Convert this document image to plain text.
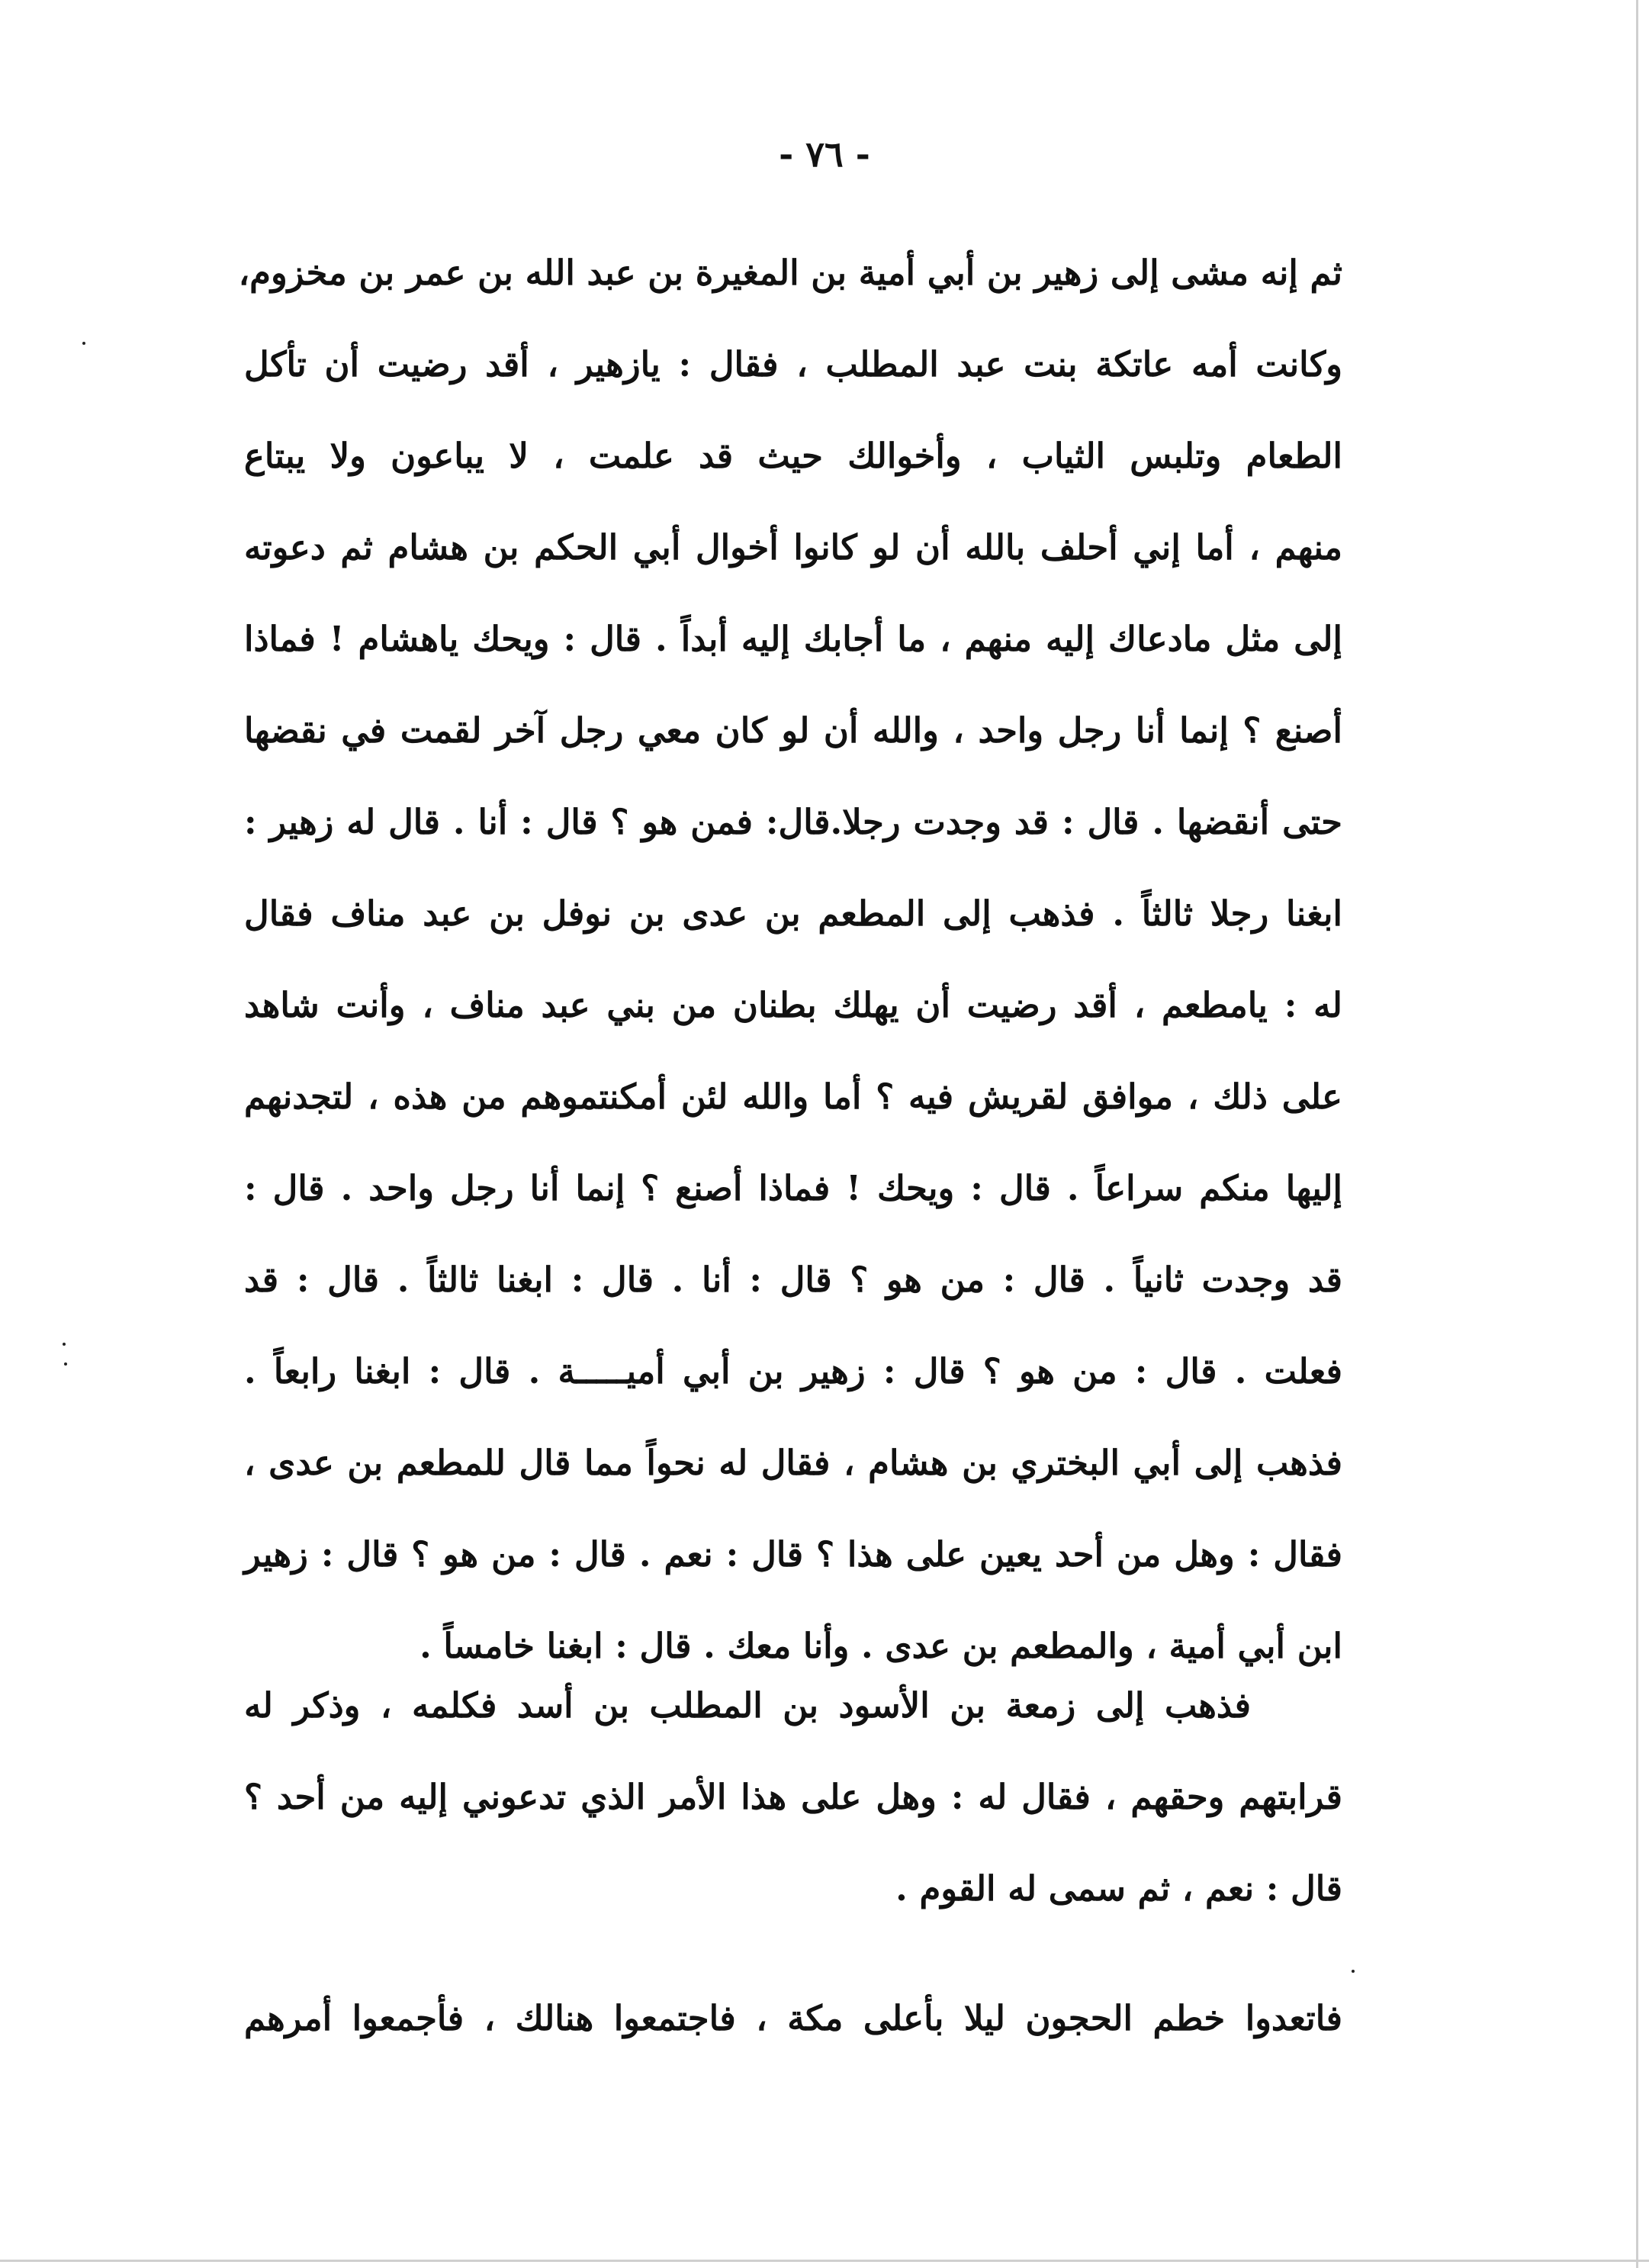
- ٧٦ -
ثم إنه مشى إلى زهير بن أبي أمية بن المغيرة بن عبد الله بن عمر بن مخزوم،
وكانت أمه عاتكة بنت عبد المطلب ، فقال : يازهير ، أقد رضيت أن تأكل
الطعام وتلبس الثياب ، وأخوالك حيث قد علمت ، لا يباعون ولا يبتاع
منهم ، أما إني أحلف بالله أن لو كانوا أخوال أبي الحكم بن هشام ثم دعوته
إلى مثل مادعاك إليه منهم ، ما أجابك إليه أبداً . قال : ويحك ياهشام ! فماذا
أصنع ؟ إنما أنا رجل واحد ، والله أن لو كان معي رجل آخر لقمت في نقضها
حتى أنقضها . قال : قد وجدت رجلا.قال: فمن هو ؟ قال : أنا . قال له زهير :
ابغنا رجلا ثالثاً . فذهب إلى المطعم بن عدى بن نوفل بن عبد مناف فقال
له : يامطعم ، أقد رضيت أن يهلك بطنان من بني عبد مناف ، وأنت شاهد
على ذلك ، موافق لقريش فيه ؟ أما والله لئن أمكنتموهم من هذه ، لتجدنهم
إليها منكم سراعاً . قال : ويحك ! فماذا أصنع ؟ إنما أنا رجل واحد . قال :
قد وجدت ثانياً . قال : من هو ؟ قال : أنا . قال : ابغنا ثالثاً . قال : قد
فعلت . قال : من هو ؟ قال : زهير بن أبي أميـــــة . قال : ابغنا رابعاً .
فذهب إلى أبي البختري بن هشام ، فقال له نحواً مما قال للمطعم بن عدى ،
فقال : وهل من أحد يعين على هذا ؟ قال : نعم . قال : من هو ؟ قال : زهير
ابن أبي أمية ، والمطعم بن عدى . وأنا معك . قال : ابغنا خامساً .
فذهب إلى زمعة بن الأسود بن المطلب بن أسد فكلمه ، وذكر له
قرابتهم وحقهم ، فقال له : وهل على هذا الأمر الذي تدعوني إليه من أحد ؟
قال : نعم ، ثم سمى له القوم .
فاتعدوا خطم الحجون ليلا بأعلى مكة ، فاجتمعوا هنالك ، فأجمعوا أمرهم
